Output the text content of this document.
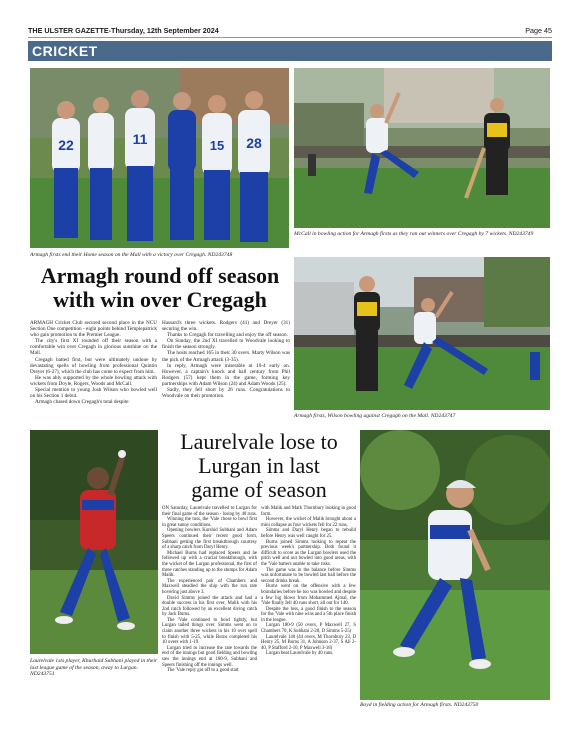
THE ULSTER GAZETTE-Thursday, 12th September 2024	Page 45
CRICKET
22	11	15 28
Armagh firsts end their Home season on the Mall with a victory over Cregagh. ND243748
McCall in bowling action for Armagh firsts as they ran out winners over Cregagh by 7 wickets. ND243749
Armagh round off season
with win over Cregagh

ARMAGH Cricket Club secured second place in the NCU Section One competition - eight points behind Templepatrick who gain promotion to the Premier League.

The city's first XI rounded off their season with a comfortable win over Cregagh in glorious sunshine on the Mall.

Cregagh batted first, but were ultimately undone by devastating spells of bowling from professional Quintin Dreyer (6-27), which the club has come to expect from him.

He was ably supported by the whole bowling attack with wickets from Doyle, Rogers, Woods and McCall.

Special mention to young Josh Wilson who bowled well on his Section 1 debut.

Armagh chased down Cregagh's total despite

Hassard's three wickets. Rodgers (41) and Dreyer (31) securing the win.

Thanks to Cregagh for travelling and enjoy the off season.

On Sunday, the 2nd XI travelled to Woodvale looking to finish the season strongly.

The hosts reached 165 in their 30 overs. Marty Wilson was the pick of the Armagh attack (3-35).

In reply, Armagh were miserable at 10-4 early on. However, a captain's knock and ball century from Phil Rodgers (57) kept them in the game, forming key partnerships with Adam Wilson (24) and Adam Woods (25).

Sadly, they fell short by 26 runs. Congratulations to Woodvale on their promotion.

Armagh firsts, Wilson bowling against Cregagh on the Mall. ND243747
Laurelvale 1sts player, Khurhaid Subhani played in their last league game of the season, away to Lurgan. ND243751
Laurelvale lose to
Lurgan in last
game of season

ON Saturday, Laurelvale travelled to Lurgan for their final game of the season - losing by 40 runs.

Winning the toss, the 'Vale chose to bowl first in great sunny conditions.

Opening bowlers Kurshid Subhani and Adam Speers continued their recent good form, Subhani getting the first breakthrough courtesy of a sharp catch from Daryl Henry.

Michael Burns had replaced Speers and he followed up with a crucial breakthrough, with the wicket of the Lurgan professional, the first of three catches standing up to the stumps for Adam Malik.

The experienced pair of Chambers and Maxwell steadied the ship with the run rate hovering just above 3.

David Simms joined the attack and had a double success in his first over, Malik with his 2nd catch followed by an excellent diving catch by Jack Burns.

The 'Vale continued to bowl tightly, but Lurgan tailed things over. Simms went on to claim another three wickets in his 10 over spell to finish with 5-25, while Burns completed his 10 overs with 1-19.

Lurgan tried to increase the rate towards the end of the innings but good fielding and bowling saw the innings end at 180-9, Subhani and Speers finishing off the innings well.

The 'Vale reply got off to a good start

with Malik and Mark Thornbury looking in good form.

However, the wicket of Malik brought about a mini collapse as four wickets fell for 22 runs.

Simms and Daryl Henry began to rebuild before Henry was well caught for 25.

Burns joined Simms looking to repeat the previous week's partnership. Both found it difficult to score as the Lurgan bowlers used the pitch well and out bowled into good areas, with the 'Vale batters unable to take risks.

The game was in the balance before Simms was unfortunate to be bowled last ball before the second drinks break.

Burns went on the offensive with a few boundaries before he too was bowled and despite a few big blows from Mohammed Ajmal, the 'Vale finally fell 40 runs short, all out for 140.

Despite the loss, a good finish to the season for the 'Vale with nine wins and a 5th place finish in the league.

Lurgan 180-9 (50 overs, P Maxwell 27, S Chambers 70, K Subhani 2-28, D Simms 5-25)

Laurelvale 140 (44 overs, M Thornbury 23, D Henry 25, M Burns 31, A Johnson 2-37, S Ali 2-40, P Stafford 2-10, P Maxwell 3-18)

Lurgan beat Laurelvale by 40 runs.

Boyd in fielding action for Armagh firsts. ND243750
